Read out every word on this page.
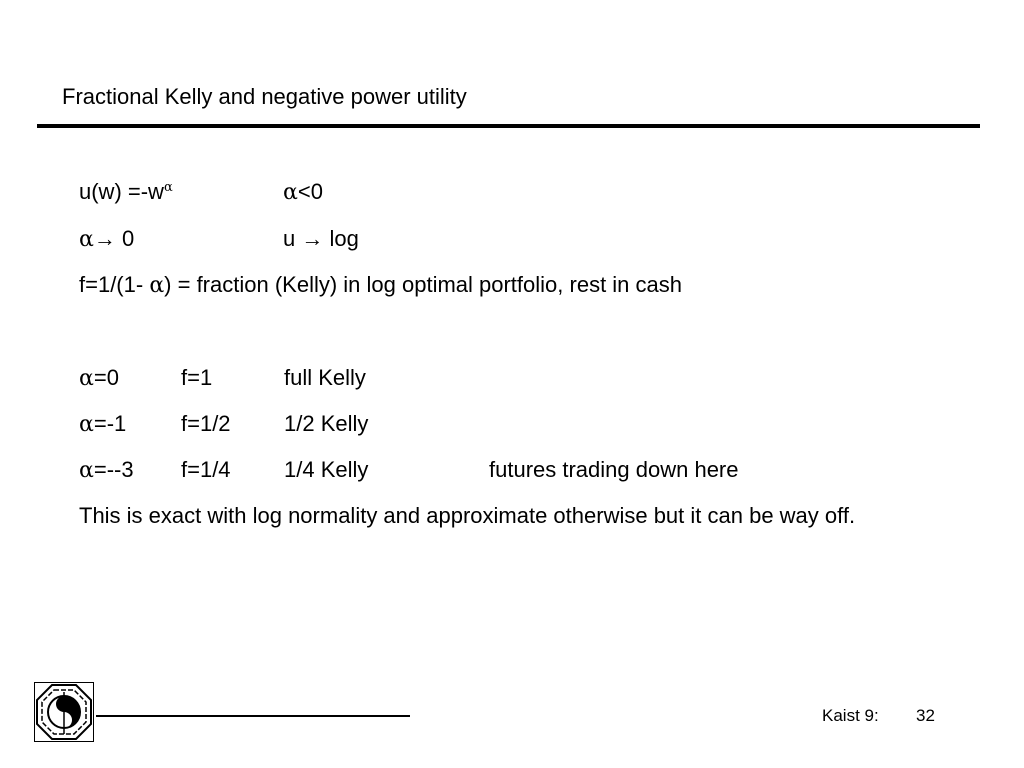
Fractional Kelly and negative power utility
$u(w) =-w^\alpha$	α<0
α→ 0	u → log
f=1/(1- α) = fraction (Kelly) in log optimal portfolio, rest in cash
α=0	f=1	full Kelly
α=-1 f=1/2 1/2 Kelly
α=--3 f=1/4 1/4 Kelly	futures trading down here
This is exact with log normality and approximate otherwise but it can be way off.
Kaist 9: 32
